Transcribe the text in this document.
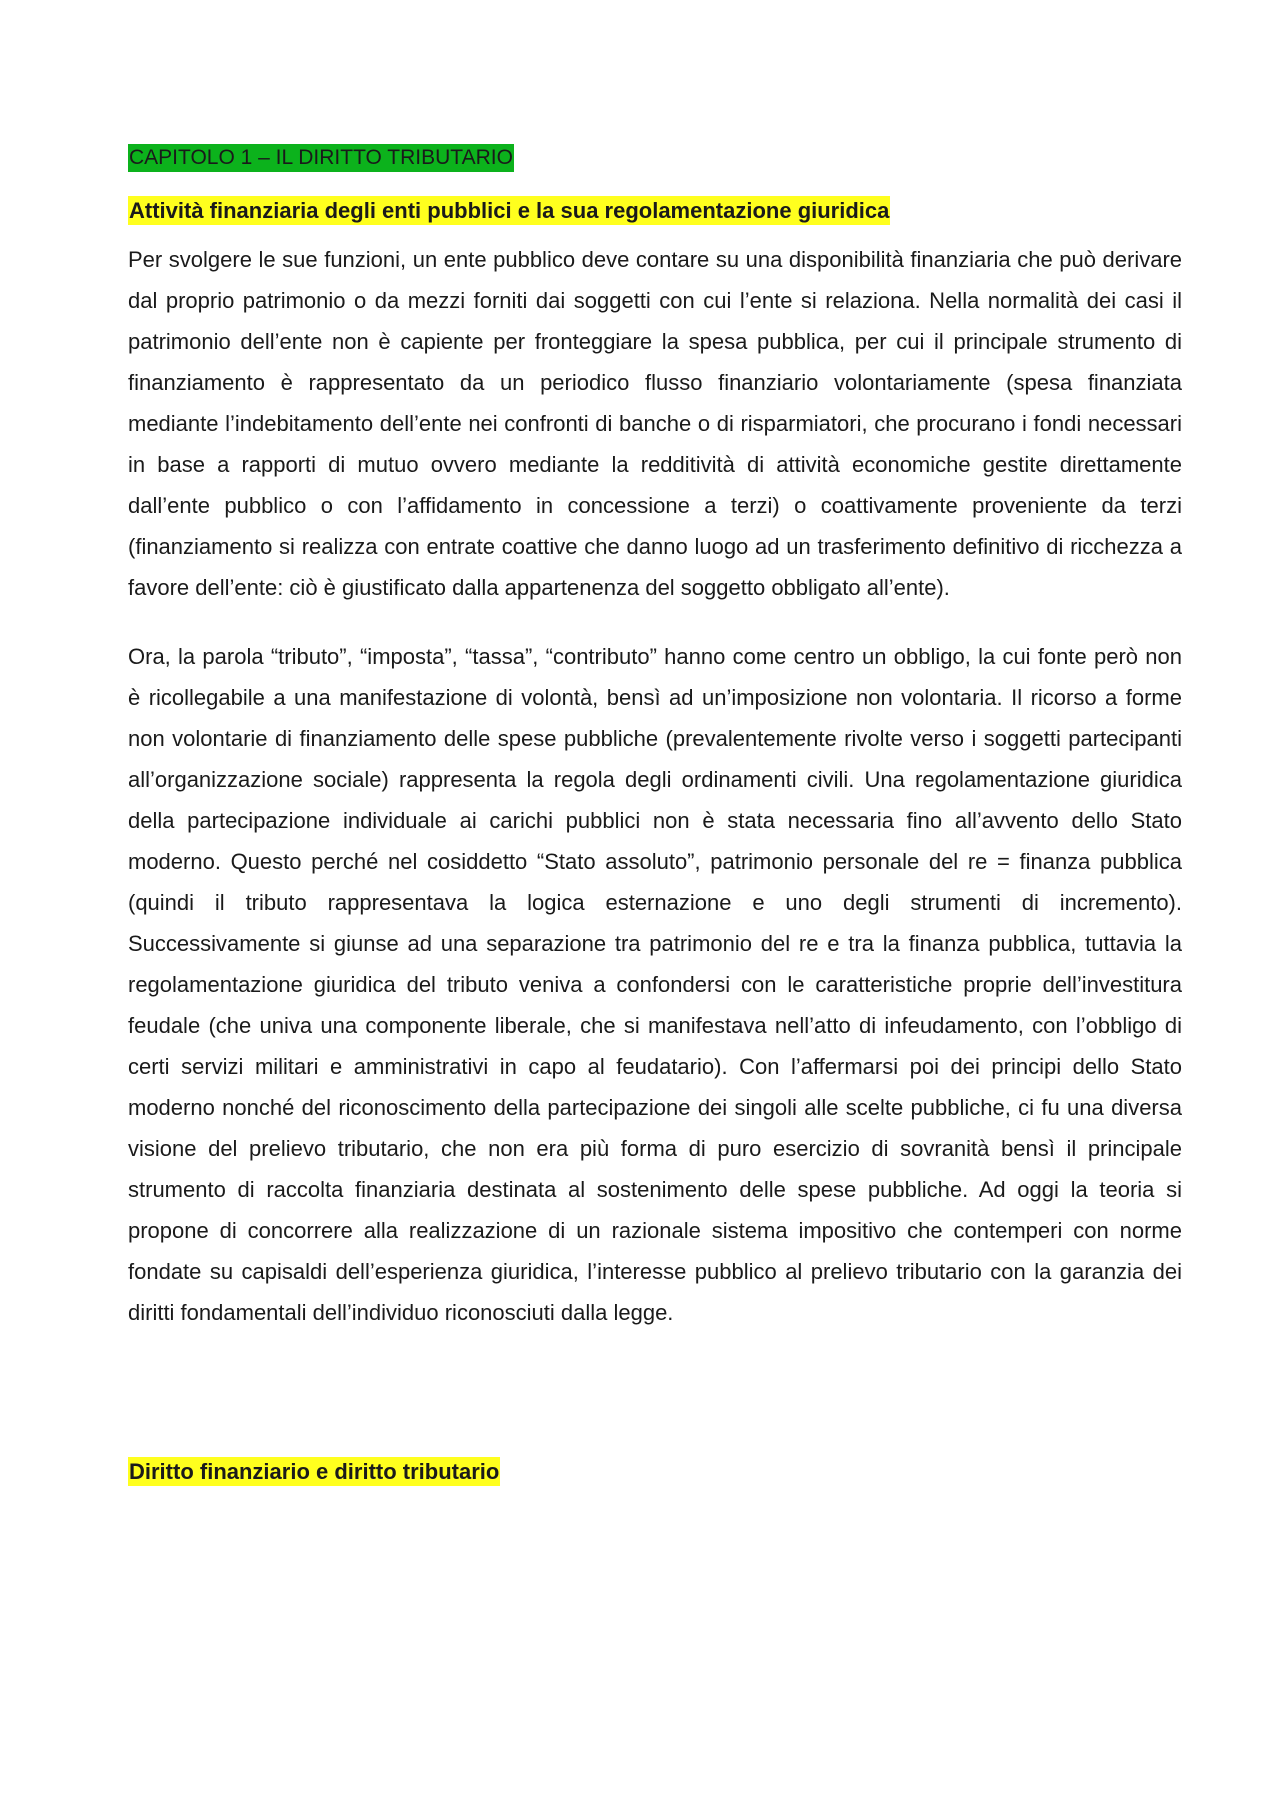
CAPITOLO 1 – IL DIRITTO TRIBUTARIO
Attività finanziaria degli enti pubblici e la sua regolamentazione giuridica

Per svolgere le sue funzioni, un ente pubblico deve contare su una disponibilità finanziaria che può derivare dal proprio patrimonio o da mezzi forniti dai soggetti con cui l’ente si relaziona. Nella normalità dei casi il patrimonio dell’ente non è capiente per fronteggiare la spesa pubblica, per cui il principale strumento di finanziamento è rappresentato da un periodico flusso finanziario volontariamente (spesa finanziata mediante l’indebitamento dell’ente nei confronti di banche o di risparmiatori, che procurano i fondi necessari in base a rapporti di mutuo ovvero mediante la redditività di attività economiche gestite direttamente dall’ente pubblico o con l’affidamento in concessione a terzi) o coattivamente proveniente da terzi (finanziamento si realizza con entrate coattive che danno luogo ad un trasferimento definitivo di ricchezza a favore dell’ente: ciò è giustificato dalla appartenenza del soggetto obbligato all’ente).

Ora, la parola “tributo”, “imposta”, “tassa”, “contributo” hanno come centro un obbligo, la cui fonte però non è ricollegabile a una manifestazione di volontà, bensì ad un’imposizione non volontaria. Il ricorso a forme non volontarie di finanziamento delle spese pubbliche (prevalentemente rivolte verso i soggetti partecipanti all’organizzazione sociale) rappresenta la regola degli ordinamenti civili. Una regolamentazione giuridica della partecipazione individuale ai carichi pubblici non è stata necessaria fino all’avvento dello Stato moderno. Questo perché nel cosiddetto “Stato assoluto”, patrimonio personale del re = finanza pubblica (quindi il tributo rappresentava la logica esternazione e uno degli strumenti di incremento). Successivamente si giunse ad una separazione tra patrimonio del re e tra la finanza pubblica, tuttavia la regolamentazione giuridica del tributo veniva a confondersi con le caratteristiche proprie dell’investitura feudale (che univa una componente liberale, che si manifestava nell’atto di infeudamento, con l’obbligo di certi servizi militari e amministrativi in capo al feudatario). Con l’affermarsi poi dei principi dello Stato moderno nonché del riconoscimento della partecipazione dei singoli alle scelte pubbliche, ci fu una diversa visione del prelievo tributario, che non era più forma di puro esercizio di sovranità bensì il principale strumento di raccolta finanziaria destinata al sostenimento delle spese pubbliche. Ad oggi la teoria si propone di concorrere alla realizzazione di un razionale sistema impositivo che contemperi con norme fondate su capisaldi dell’esperienza giuridica, l’interesse pubblico al prelievo tributario con la garanzia dei diritti fondamentali dell’individuo riconosciuti dalla legge.

Diritto finanziario e diritto tributario
